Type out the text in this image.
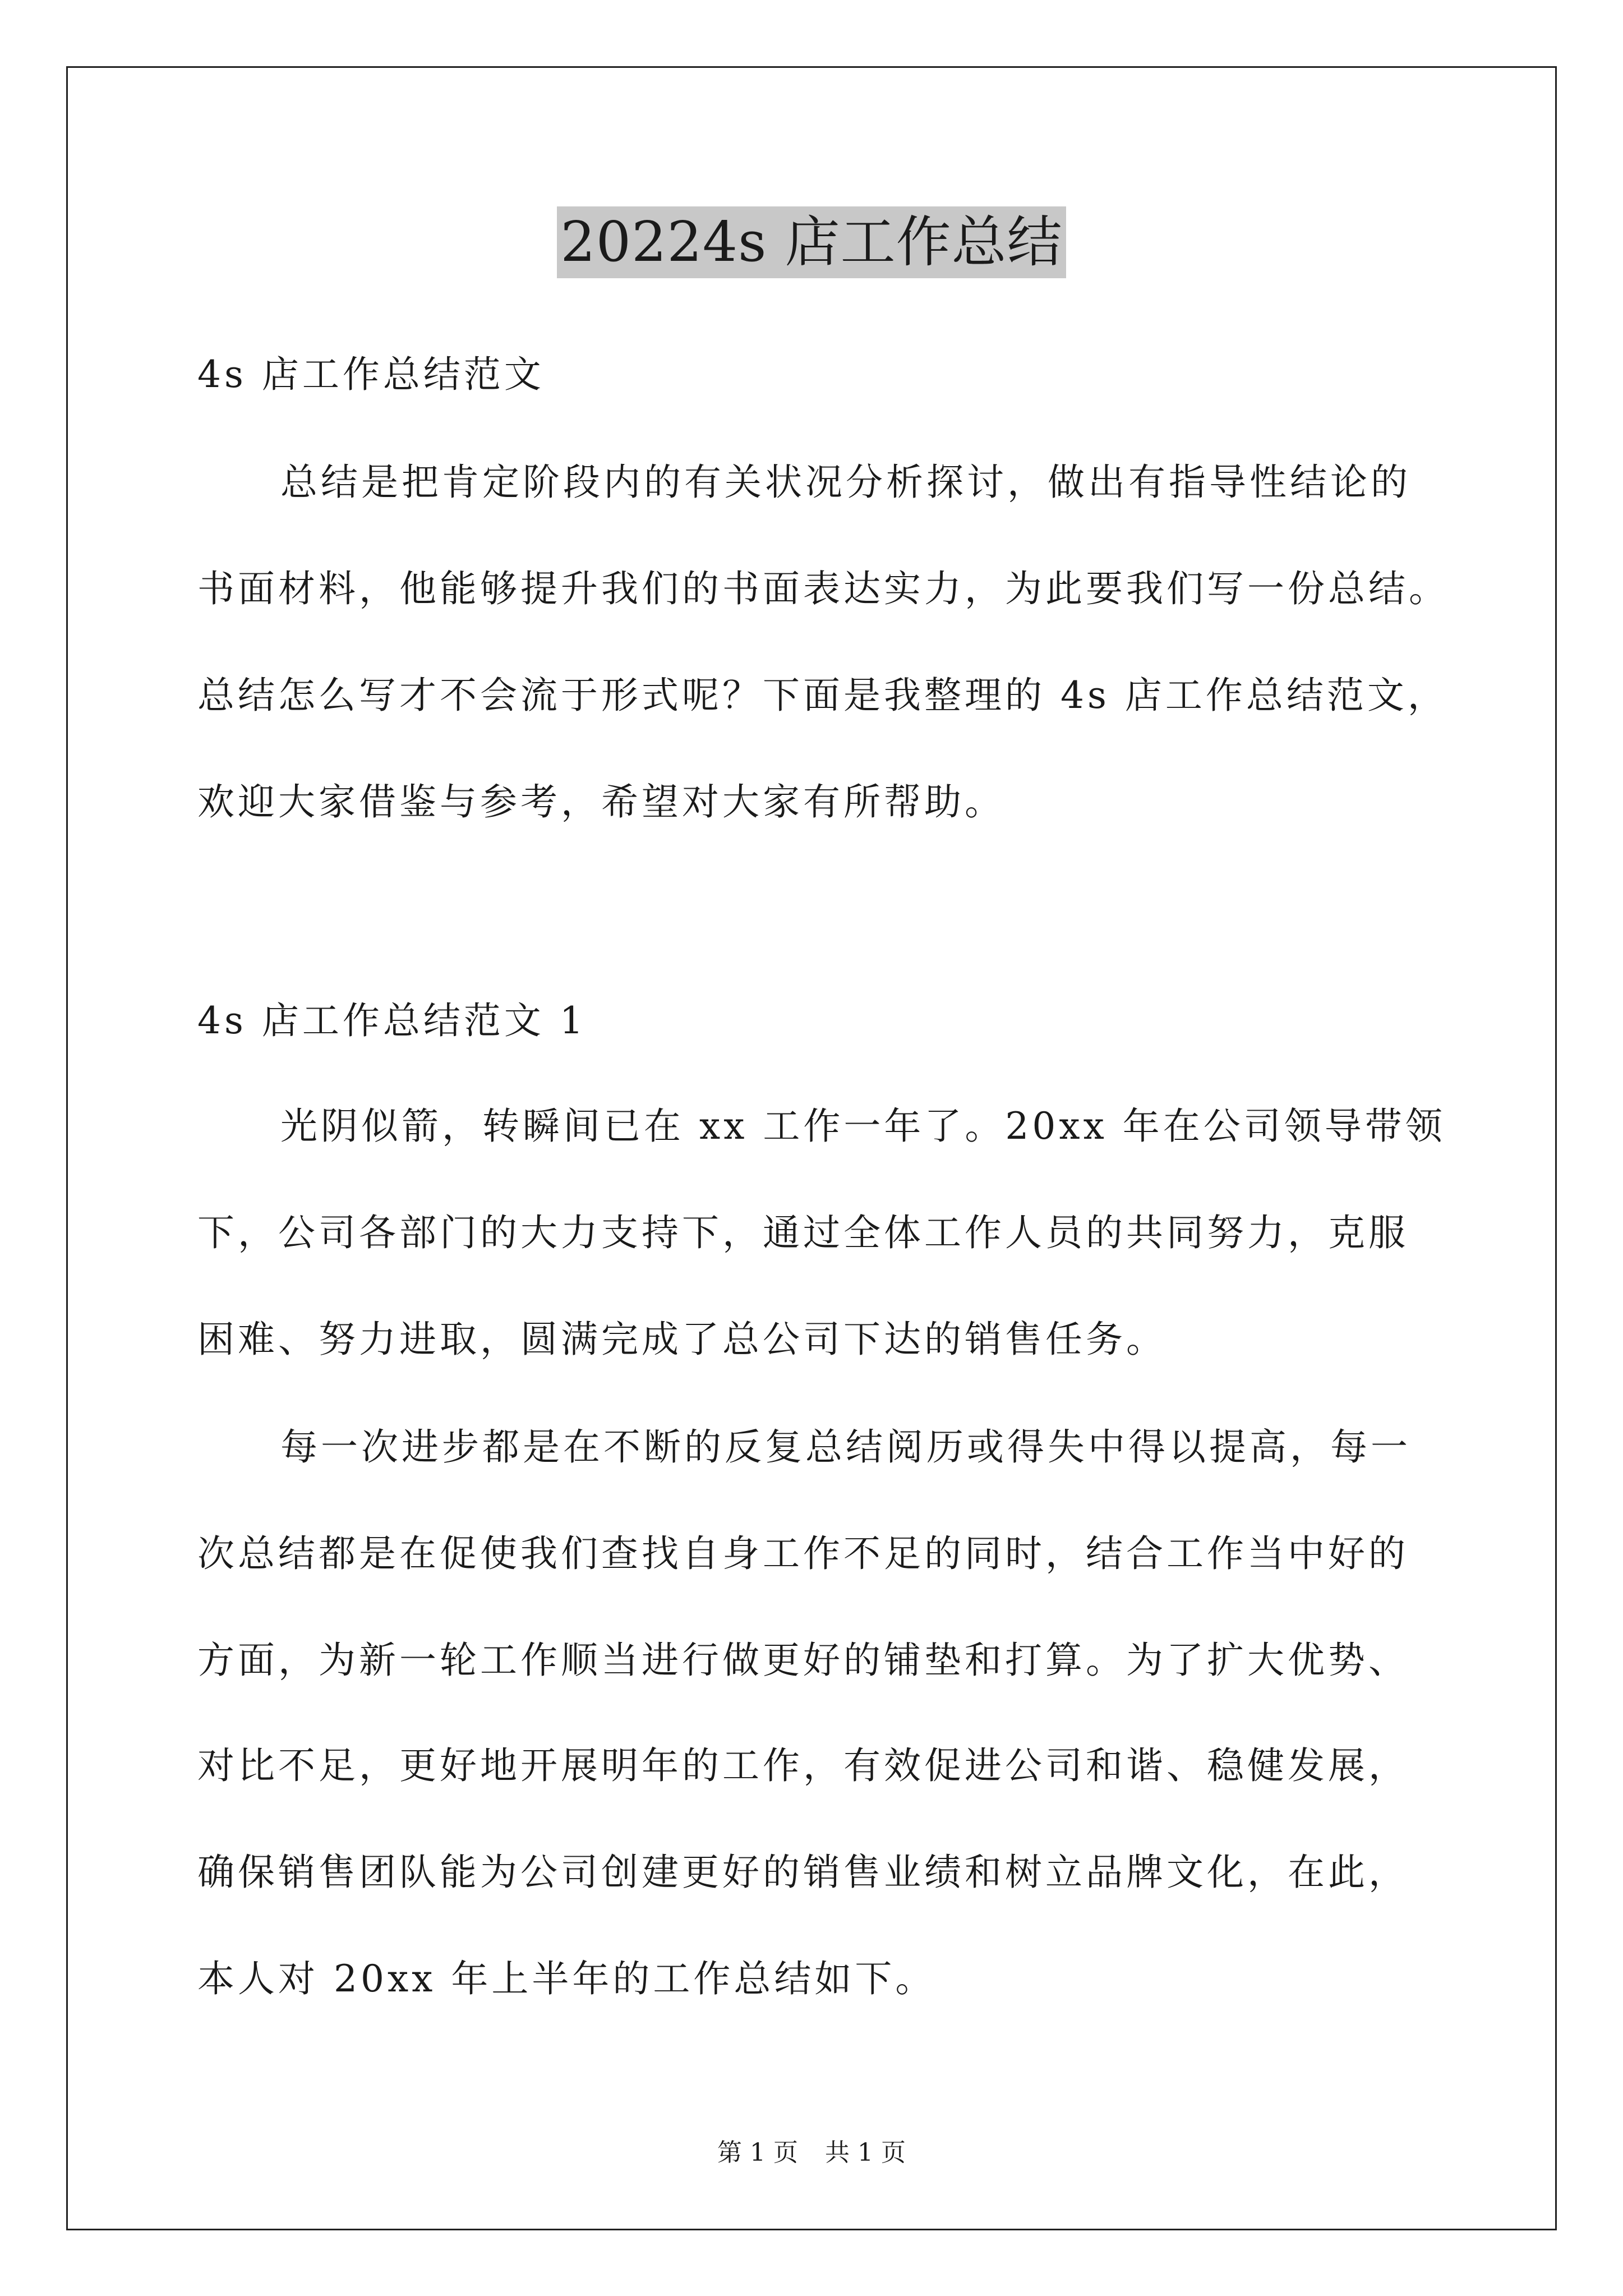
20224s 店工作总结
4s 店工作总结范文
总结是把肯定阶段内的有关状况分析探讨，做出有指导性结论的
书面材料，他能够提升我们的书面表达实力，为此要我们写一份总结。
总结怎么写才不会流于形式呢？下面是我整理的 4s 店工作总结范文，
欢迎大家借鉴与参考，希望对大家有所帮助。
4s 店工作总结范文 1
光阴似箭，转瞬间已在 xx 工作一年了。20xx 年在公司领导带领
下，公司各部门的大力支持下，通过全体工作人员的共同努力，克服
困难、努力进取，圆满完成了总公司下达的销售任务。
每一次进步都是在不断的反复总结阅历或得失中得以提高，每一
次总结都是在促使我们查找自身工作不足的同时，结合工作当中好的
方面，为新一轮工作顺当进行做更好的铺垫和打算。为了扩大优势、
对比不足，更好地开展明年的工作，有效促进公司和谐、稳健发展，
确保销售团队能为公司创建更好的销售业绩和树立品牌文化，在此，
本人对 20xx 年上半年的工作总结如下。
第 1 页 共 1 页
